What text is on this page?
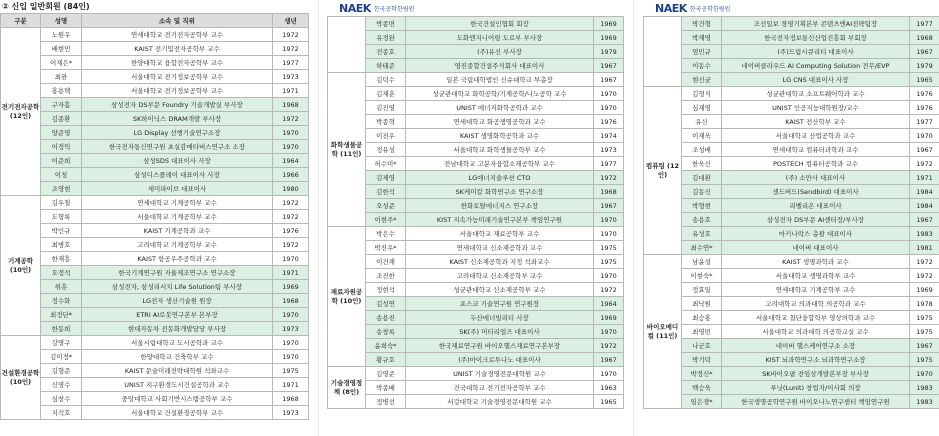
② 신입 일반회원 (84인)
구분	성명	소속 및 직위	생년
전기전자공학 (12인)	노원우	연세대학교 전기전자공학부 교수	1972
	배현민	KAIST 전기및전자공학부 교수	1972
	이제은*	한양대학교 융합전자공학부 교수	1977
	최완	서울대학교 전기정보공학부 교수	1973
	홍용택	서울대학교 전기정보공학부 교수	1971
	구자흠	삼성전자 DS부문 Foundry 기술개발실 부사장	1968
	김종환	SK하이닉스 DRAM개발 부사장	1972
	양준영	LG Display 선행기술연구소장	1970
	이정익	한국전자통신연구원 초실감메타버스연구소 소장	1970
	이준희	삼성SDS 대표이사 사장	1964
	이청	삼성디스플레이 대표이사 사장	1966
	조영현	세미파이브 대표이사	1980
기계공학 (10인)	김우철	연세대학교 기계공학부 교수	1972
	도형록	서울대학교 기계공학부 교수	1972
	박인규	KAIST 기계공학과 교수	1976
	최병호	고려대학교 기계공학부 교수	1972
	한재흥	KAIST 항공우주공학과 교수	1970
	오정석	한국기계연구원 자율제조연구소 연구소장	1971
	위훈	삼성전자, 삼성리서치 Life Solution팀 부사장	1969
	정수화	LG전자 생산기술원 원장	1968
	최정단*	ETRI AI로봇연구본부 본부장	1970
	한동희	현대자동차 전동화개발담당 부사장	1973
건설환경공학 (10인)	강명구	서울시립대학교 도시공학과 교수	1970
	김미정*	한양대학교 건축학부 교수	1970
	김형준	KAIST 문술미래전략대학원 석좌교수	1975
	신명수	UNIST 지구환경도시건설공학과 교수	1971
	심창수	중앙대학교 사회기반시스템공학부 교수	1968
	지석호	서울대학교 건설환경공학부 교수	1973
NAEK 한국공학한림원
	박종면	한국건설인협회 회장	1969
	유정완	도화엔지니어링 도로부 부사장	1969
	전종호	(주)유신 부사장	1979
	하태준	영진종합건설주식회사 대표이사	1967
화학생물공학 (11인)	김덕수	일본 국립대학법인 신슈대학교 부총장	1967
	김재훈	성균관대학교 화학공학/기계공학/나노공학 교수	1970
	김진영	UNIST 에너지화학공학과 교수	1970
	박종혁	연세대학교 화공생명공학과 교수	1976
	이진우	KAIST 생명화학공학과 교수	1974
	정유성	서울대학교 화학생물공학부 교수	1973
	허수미*	전남대학교 고분자융합소재공학부 교수	1977
	김제영	LG에너지솔루션 CTO	1972
	김한석	SK케미칼 화학연구소 연구소장	1968
	오성준	한화토탈에너지스 연구소장	1967
	이현주*	KIST 지속가능미래기술연구본부 책임연구원	1970
재료자원공학 (10인)	박은수	서울대학교 재료공학부 교수	1970
	박진우*	연세대학교 신소재공학과 교수	1975
	이건재	KAIST 신소재공학과 지정 석좌교수	1975
	조진한	고려대학교 신소재공학부 교수	1970
	정현석	성균관대학교 신소재공학부 교수	1972
	김성연	포스코 기술연구원 연구원장	1964
	송용진	두산에너빌리티 사장	1969
	송창록	SK(주) 머티리얼즈 대표이사	1970
	윤희숙*	한국재료연구원 바이오헬스재료연구본부장	1972
	황규호	(주)마이크로투나노 대표이사	1967
기술경영정책 (8인)	김영준	UNIST 기술경영전문대학원 교수	1970
	박종배	건국대학교 전기전자공학부 교수	1963
	정병선	서강대학교 기술경영전문대학원 교수	1965
NAEK 한국공학한림원
	박건형	조선일보 경영기획본부 콘텐츠엔AI전략팀장	1977
	박재영	한국전자정보통신산업진흥회 부회장	1968
	엄민규	(주)드림시큐리티 대표이사	1967
	이동수	네이버클라우드 AI Computing Solution 전무/EVP	1979
	현신균	LG CNS 대표이사 사장	1965
컴퓨팅 (12인)	김형식	성균관대학교 소프트웨어학과 교수	1976
	심재영	UNIST 인공지능대학원장/교수	1976
	유신	KAIST 전산학부 교수	1977
	이재욱	서울대학교 산업공학과 교수	1970
	조성배	연세대학교 컴퓨터과학과 교수	1967
	한욱신	POSTECH 컴퓨터공학과 교수	1972
	김대환	(주) 소만사 대표이사	1971
	김동신	센드버드(Sendbird) 대표이사	1984
	박형현	리벨리온 대표이사	1984
	송용호	삼성전자 DS부문 AI센터장/부사장	1967
	유성호	마키나락스 총괄 대표이사	1983
	최수연*	네이버 대표이사	1981
바이오메디컬 (11인)	남윤성	KAIST 생명과학과 교수	1972
	이현숙*	서울대학교 생명과학부 교수	1972
	정효일	연세대학교 기계공학부 교수	1969
	최낙원	고려대학교 의과대학 의공학과 교수	1978
	최승홍	서울대학교 첨단융합학부 영상의학과 교수	1975
	최영빈	서울대학교 의과대학 의공학교실 교수	1975
	나군호	네이버 헬스케어연구소 소장	1967
	박기덕	KIST 뇌과학연구소 뇌과학연구소장	1975
	박정신*	SK바이오팜 전임상개발본부장 부사장	1970
	백승욱	루닛(Lunit) 창업자/이사회 의장	1983
	임은경*	한국생명공학연구원 바이오나노연구센터 책임연구원	1983
